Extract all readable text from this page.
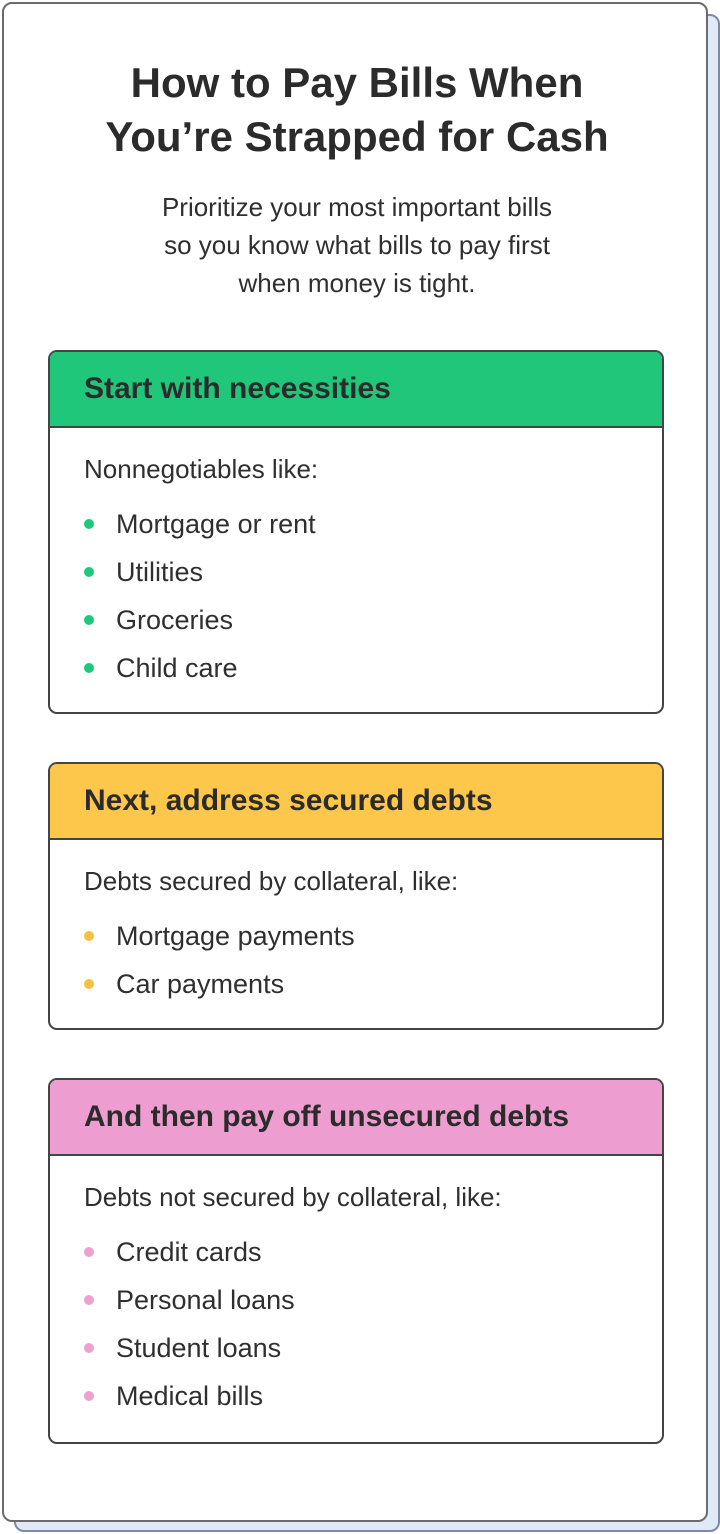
How to Pay Bills When
You’re Strapped for Cash

Prioritize your most important bills
so you know what bills to pay first
when money is tight.

Start with necessities

Nonnegotiables like:

Mortgage or rent
Utilities
Groceries
Child care
Next, address secured debts

Debts secured by collateral, like:

Mortgage payments
Car payments
And then pay off unsecured debts

Debts not secured by collateral, like:

Credit cards
Personal loans
Student loans
Medical bills
